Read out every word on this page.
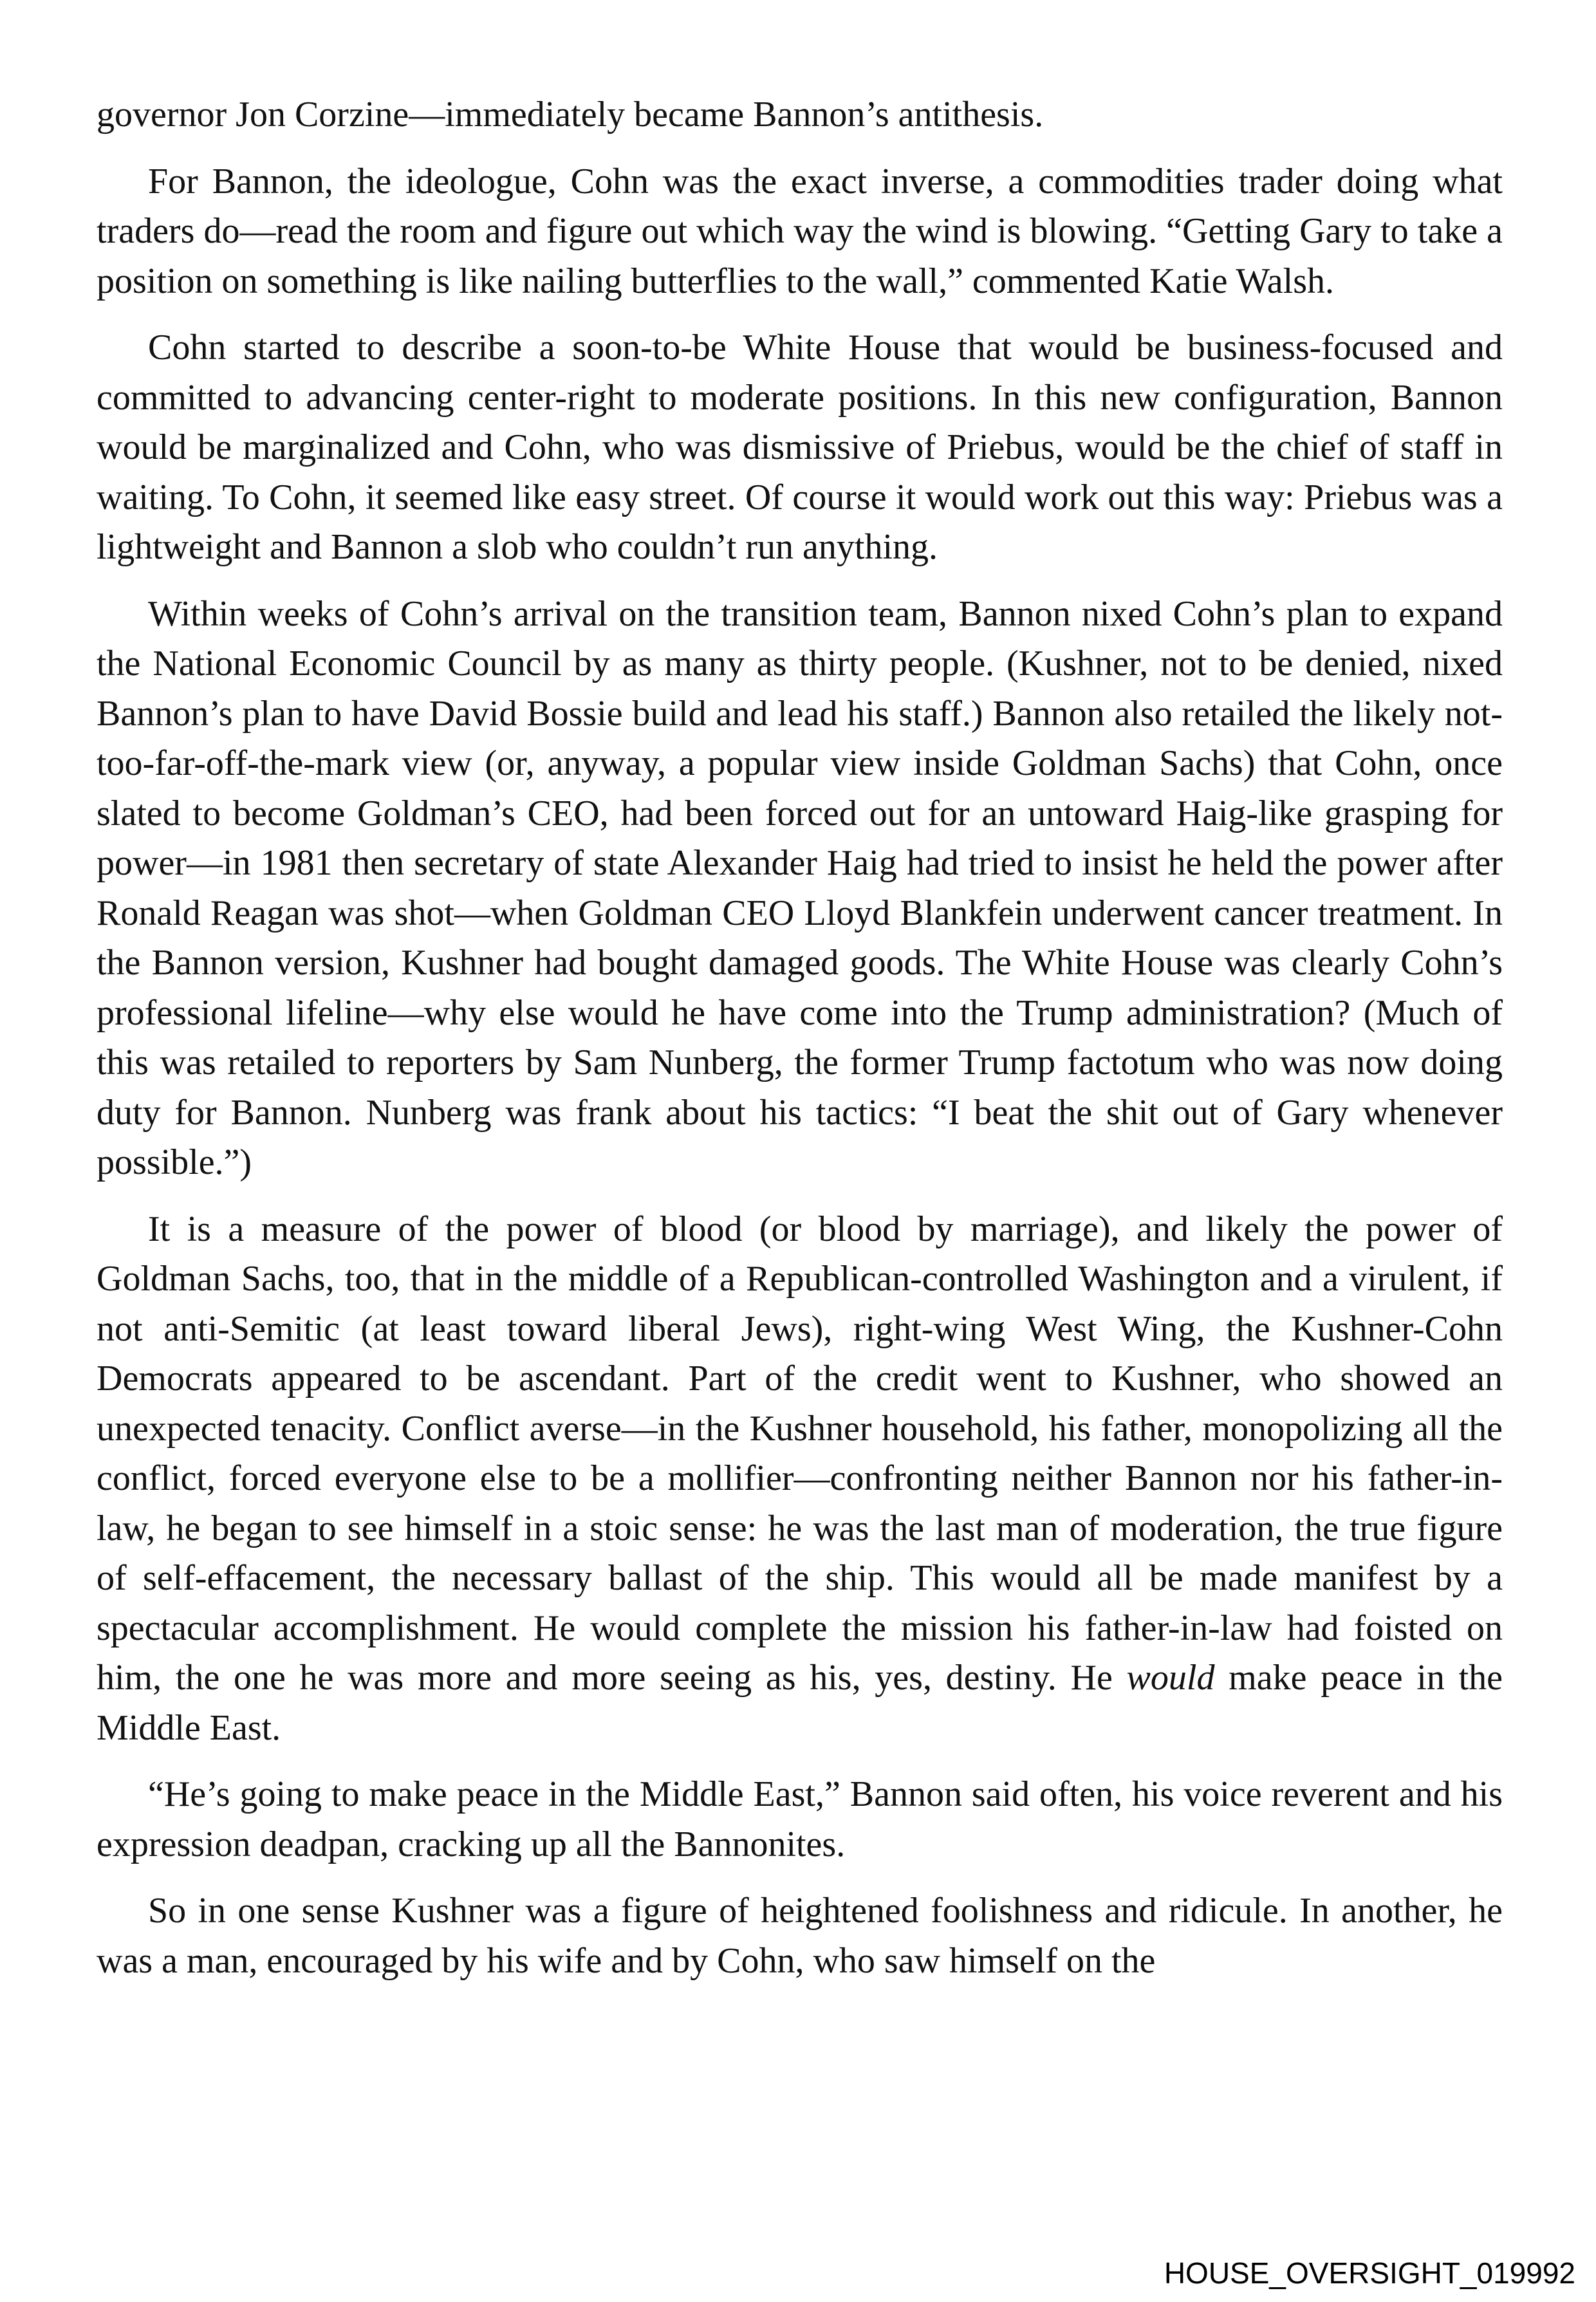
governor Jon Corzine—immediately became Bannon’s antithesis.

For Bannon, the ideologue, Cohn was the exact inverse, a commodities trader doing what traders do—read the room and figure out which way the wind is blowing. “Getting Gary to take a position on something is like nailing butterflies to the wall,” commented Katie Walsh.

Cohn started to describe a soon-to-be White House that would be business-focused and committed to advancing center-right to moderate positions. In this new configuration, Bannon would be marginalized and Cohn, who was dismissive of Priebus, would be the chief of staff in waiting. To Cohn, it seemed like easy street. Of course it would work out this way: Priebus was a lightweight and Bannon a slob who couldn’t run anything.

Within weeks of Cohn’s arrival on the transition team, Bannon nixed Cohn’s plan to expand the National Economic Council by as many as thirty people. (Kushner, not to be denied, nixed Bannon’s plan to have David Bossie build and lead his staff.) Bannon also retailed the likely not-too-far-off-the-mark view (or, anyway, a popular view inside Goldman Sachs) that Cohn, once slated to become Goldman’s CEO, had been forced out for an untoward Haig-like grasping for power—in 1981 then secretary of state Alexander Haig had tried to insist he held the power after Ronald Reagan was shot—when Goldman CEO Lloyd Blankfein underwent cancer treatment. In the Bannon version, Kushner had bought damaged goods. The White House was clearly Cohn’s professional lifeline—why else would he have come into the Trump administration? (Much of this was retailed to reporters by Sam Nunberg, the former Trump factotum who was now doing duty for Bannon. Nunberg was frank about his tactics: “I beat the shit out of Gary whenever possible.”)

It is a measure of the power of blood (or blood by marriage), and likely the power of Goldman Sachs, too, that in the middle of a Republican-controlled Washington and a virulent, if not anti-Semitic (at least toward liberal Jews), right-wing West Wing, the Kushner-Cohn Democrats appeared to be ascendant. Part of the credit went to Kushner, who showed an unexpected tenacity. Conflict averse—in the Kushner household, his father, monopolizing all the conflict, forced everyone else to be a mollifier—confronting neither Bannon nor his father-in-law, he began to see himself in a stoic sense: he was the last man of moderation, the true figure of self-effacement, the necessary ballast of the ship. This would all be made manifest by a spectacular accomplishment. He would complete the mission his father-in-law had foisted on him, the one he was more and more seeing as his, yes, destiny. He would make peace in the Middle East.

“He’s going to make peace in the Middle East,” Bannon said often, his voice reverent and his expression deadpan, cracking up all the Bannonites.

So in one sense Kushner was a figure of heightened foolishness and ridicule. In another, he was a man, encouraged by his wife and by Cohn, who saw himself on the

HOUSE_OVERSIGHT_019992
